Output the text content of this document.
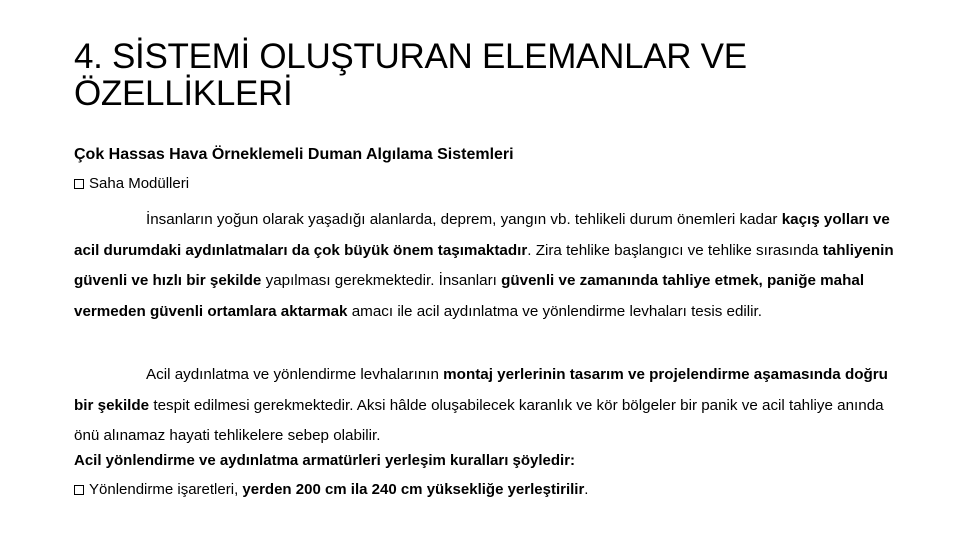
4. SİSTEMİ OLUŞTURAN ELEMANLAR VE ÖZELLİKLERİ

Çok Hassas Hava Örneklemeli Duman Algılama Sistemleri

Saha Modülleri

İnsanların yoğun olarak yaşadığı alanlarda, deprem, yangın vb. tehlikeli durum önemleri kadar kaçış yolları ve acil durumdaki aydınlatmaları da çok büyük önem taşımaktadır. Zira tehlike başlangıcı ve tehlike sırasında tahliyenin güvenli ve hızlı bir şekilde yapılması gerekmektedir. İnsanları güvenli ve zamanında tahliye etmek, paniğe mahal vermeden güvenli ortamlara aktarmak amacı ile acil aydınlatma ve yönlendirme levhaları tesis edilir.

Acil aydınlatma ve yönlendirme levhalarının montaj yerlerinin tasarım ve projelendirme aşamasında doğru bir şekilde tespit edilmesi gerekmektedir. Aksi hâlde oluşabilecek karanlık ve kör bölgeler bir panik ve acil tahliye anında önü alınamaz hayati tehlikelere sebep olabilir.

Acil yönlendirme ve aydınlatma armatürleri yerleşim kuralları şöyledir:

Yönlendirme işaretleri, yerden 200 cm ila 240 cm yüksekliğe yerleştirilir.
